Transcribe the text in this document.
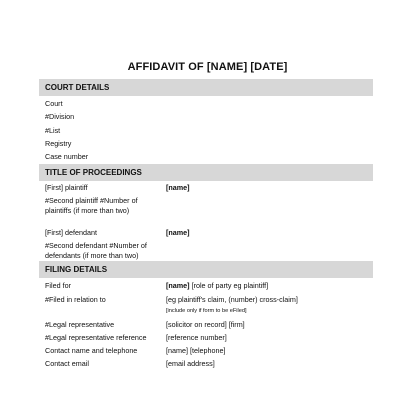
AFFIDAVIT OF [NAME] [DATE]
COURT DETAILS
Court
#Division
#List
Registry
Case number
TITLE OF PROCEEDINGS
[First] plaintiff	[name]
#Second plaintiff #Number of
plaintiffs (if more than two)
[First] defendant	[name]
#Second defendant #Number of
defendants (if more than two)
FILING DETAILS
Filed for	[name] [role of party eg plaintiff]
#Filed in relation to	[eg plaintiff's claim, (number) cross-claim]
[include only if form to be eFiled]
#Legal representative	[solicitor on record] [firm]
#Legal representative reference	[reference number]
Contact name and telephone	[name] [telephone]
Contact email	[email address]
